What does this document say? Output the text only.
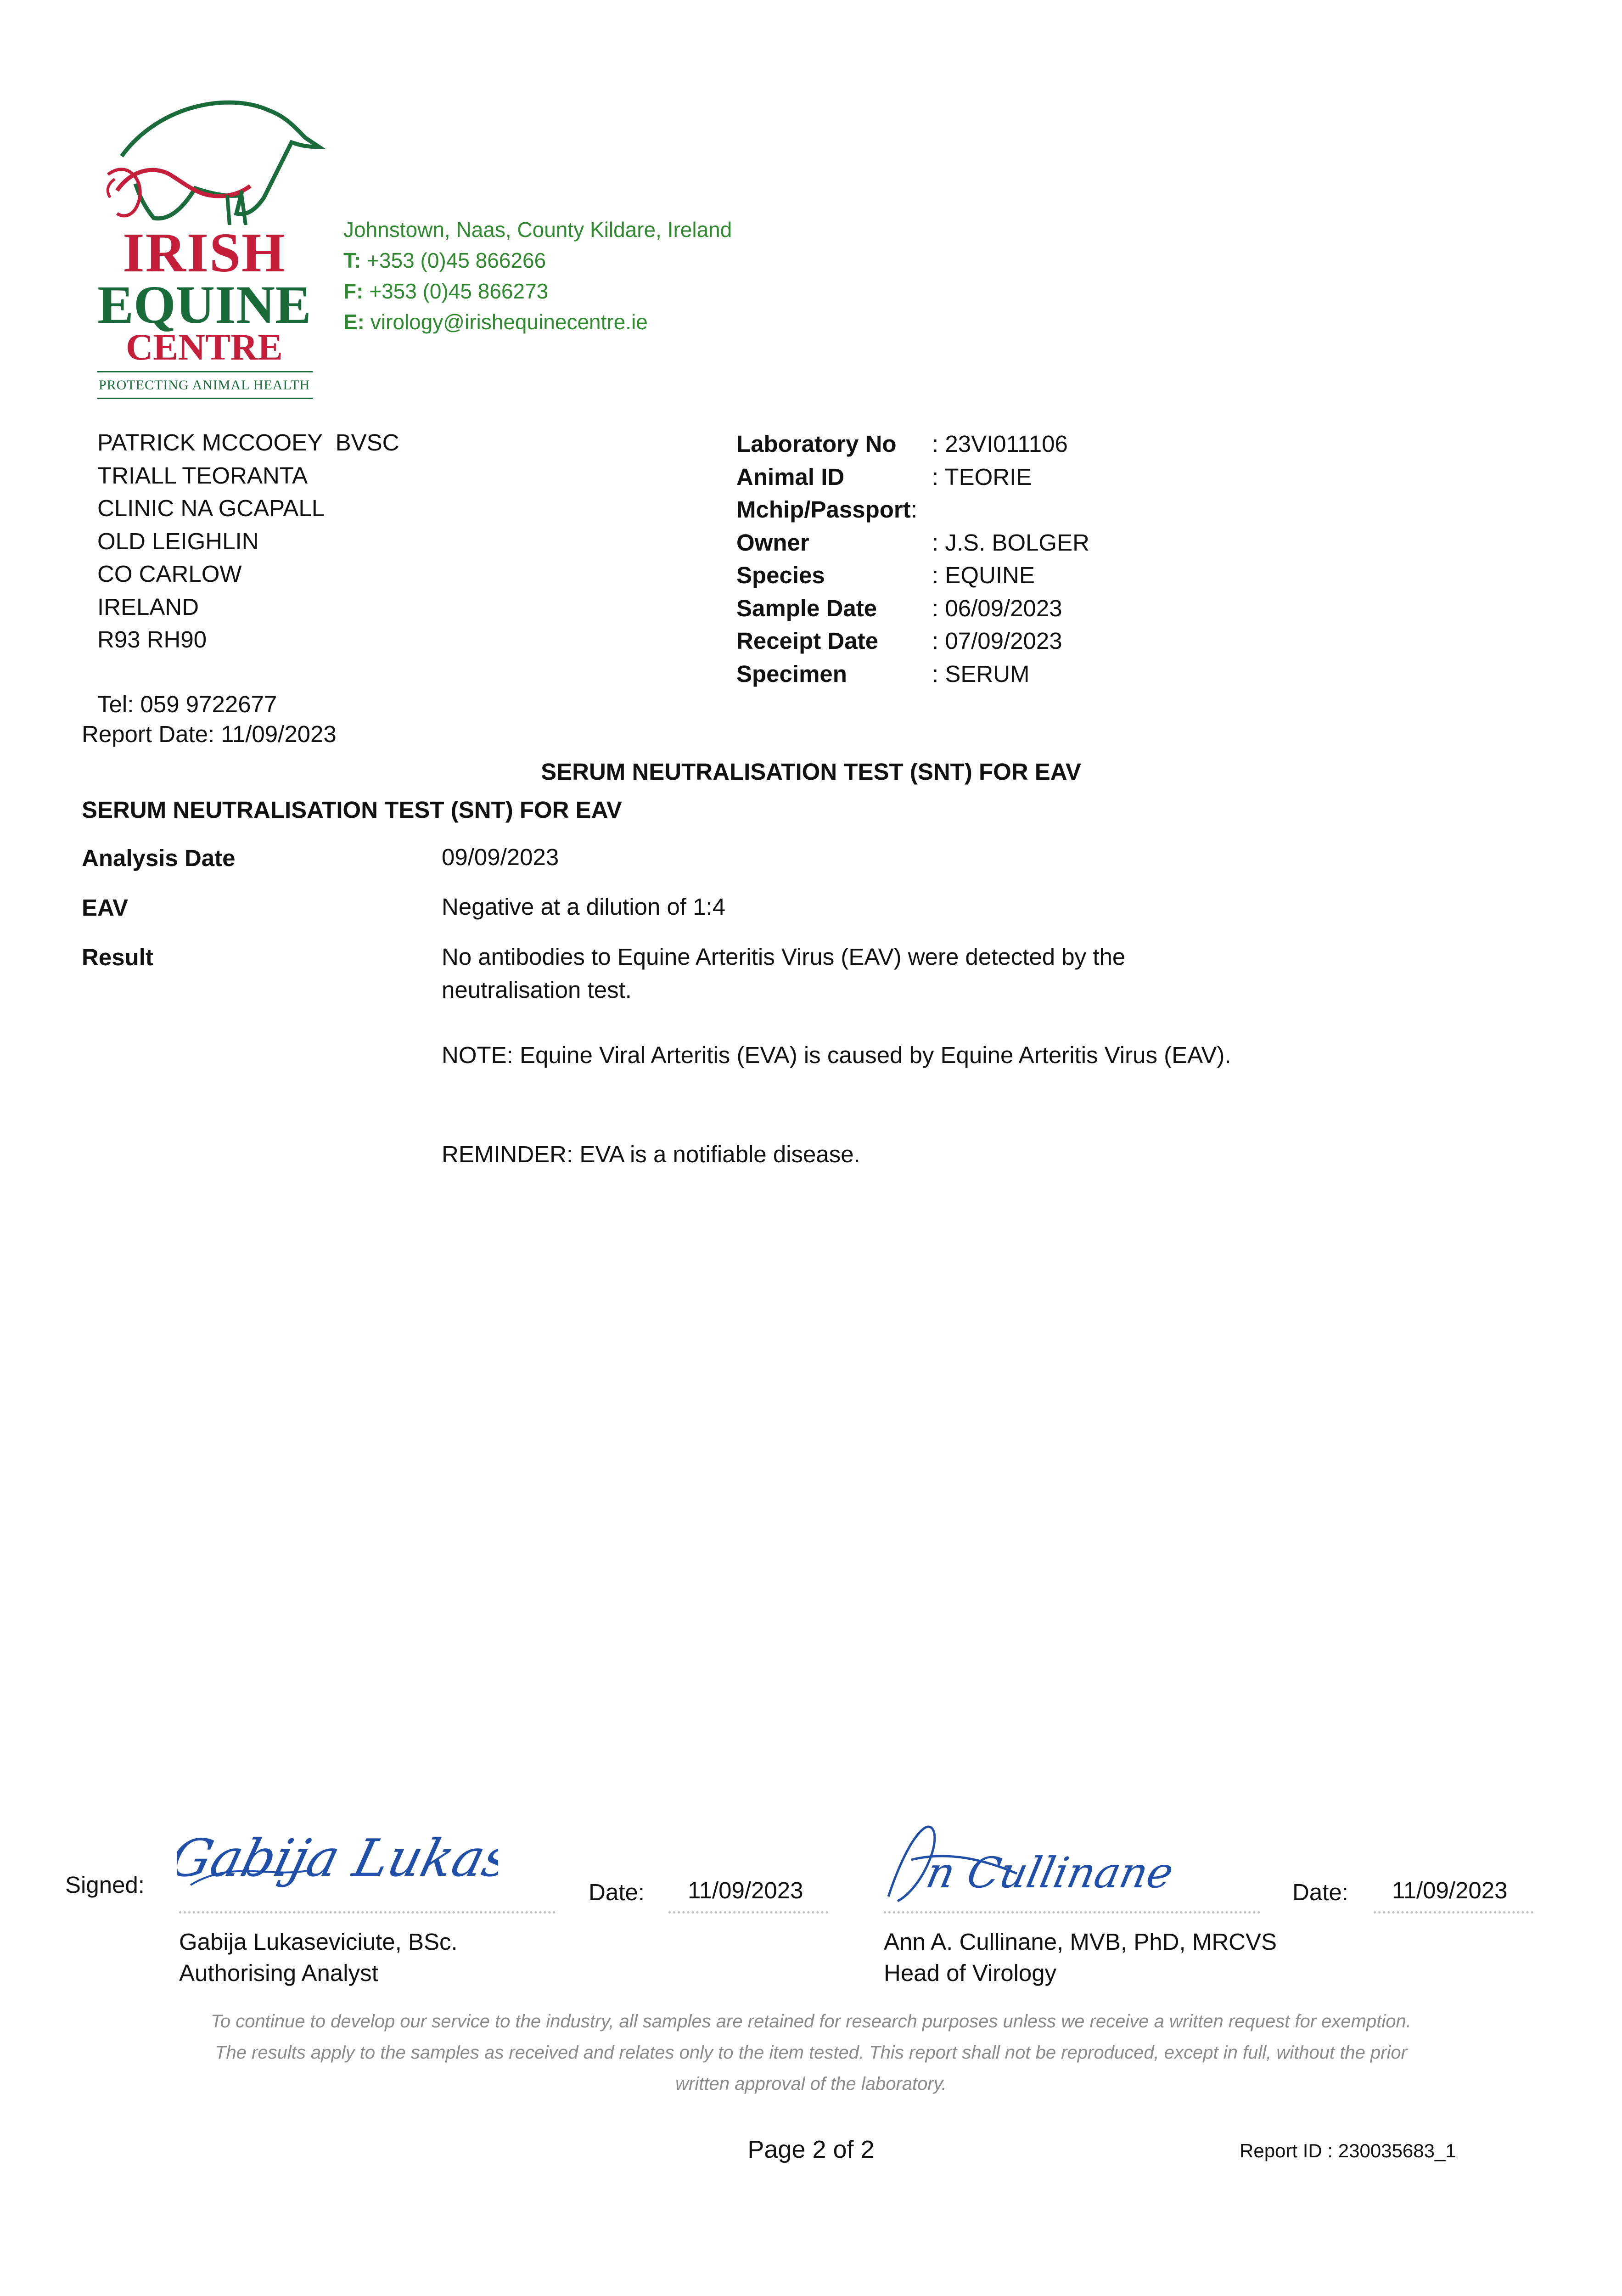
IRISH
EQUINE
CENTRE
PROTECTING ANIMAL HEALTH
Johnstown, Naas, County Kildare, Ireland
T: +353 (0)45 866266
F: +353 (0)45 866273
E: virology@irishequinecentre.ie
PATRICK MCCOOEY  BVSC
TRIALL TEORANTA
CLINIC NA GCAPALL
OLD LEIGHLIN
CO CARLOW
IRELAND
R93 RH90
Tel: 059 9722677
Report Date: 11/09/2023
Laboratory No : 23VI011106
Animal ID	: TEORIE
Mchip/Passport:
Owner	: J.S. BOLGER
Species	: EQUINE
Sample Date : 06/09/2023
Receipt Date : 07/09/2023
Specimen	: SERUM
SERUM NEUTRALISATION TEST (SNT) FOR EAV
SERUM NEUTRALISATION TEST (SNT) FOR EAV
Analysis Date	09/09/2023
EAV	Negative at a dilution of 1:4
Result	No antibodies to Equine Arteritis Virus (EAV) were detected by the neutralisation test.
NOTE: Equine Viral Arteritis (EVA) is caused by Equine Arteritis Virus (EAV).
REMINDER: EVA is a notifiable disease.
Signed: Gabija Lukaseviciute
Date: 11/09/2023
Gabija Lukaseviciute, BSc.
Authorising Analyst
n Cullinane	Date: 11/09/2023
Ann A. Cullinane, MVB, PhD, MRCVS
Head of Virology
To continue to develop our service to the industry, all samples are retained for research purposes unless we receive a written request for exemption.
The results apply to the samples as received and relates only to the item tested. This report shall not be reproduced, except in full, without the prior
written approval of the laboratory.
Page 2 of 2	Report ID : 230035683_1
